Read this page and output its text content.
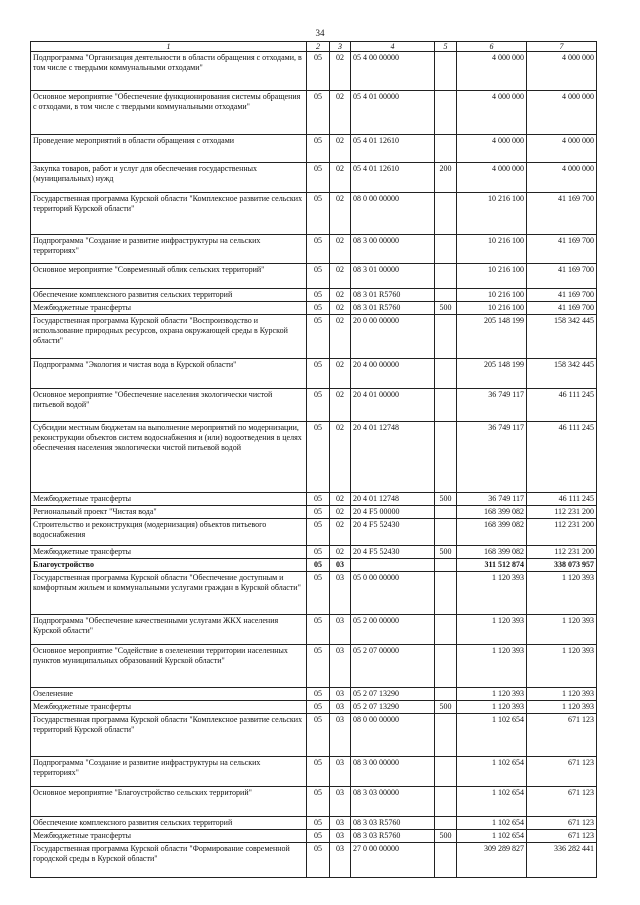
34
1	2	3	4	5	6	7
Подпрограмма "Организация деятельности в области обращения с отходами, в том числе с твердыми коммунальными отходами"	05	02	05 4 00 00000		4 000 000	4 000 000
Основное мероприятие "Обеспечение функционирования системы обращения с отходами, в том числе с твердыми коммунальными отходами"	05	02	05 4 01 00000		4 000 000	4 000 000
Проведение мероприятий в области обращения с отходами	05	02	05 4 01 12610		4 000 000	4 000 000
Закупка товаров, работ и услуг для обеспечения государственных (муниципальных) нужд	05	02	05 4 01 12610	200	4 000 000	4 000 000
Государственная программа Курской области "Комплексное развитие сельских территорий Курской области"	05	02	08 0 00 00000		10 216 100	41 169 700
Подпрограмма "Создание и развитие инфраструктуры на сельских территориях"	05	02	08 3 00 00000		10 216 100	41 169 700
Основное мероприятие "Современный облик сельских территорий"	05	02	08 3 01 00000		10 216 100	41 169 700
Обеспечение комплексного развития сельских территорий	05	02	08 3 01 R5760		10 216 100	41 169 700
Межбюджетные трансферты	05	02	08 3 01 R5760	500	10 216 100	41 169 700
Государственная программа Курской области "Воспроизводство и использование природных ресурсов, охрана окружающей среды в Курской области"	05	02	20 0 00 00000		205 148 199	158 342 445
Подпрограмма "Экология и чистая вода в Курской области"	05	02	20 4 00 00000		205 148 199	158 342 445
Основное мероприятие "Обеспечение населения экологически чистой питьевой водой"	05	02	20 4 01 00000		36 749 117	46 111 245
Субсидии местным бюджетам на выполнение мероприятий по модернизации, реконструкции объектов систем водоснабжения и (или) водоотведения в целях обеспечения населения экологически чистой питьевой водой	05	02	20 4 01 12748		36 749 117	46 111 245
Межбюджетные трансферты	05	02	20 4 01 12748	500	36 749 117	46 111 245
Региональный проект "Чистая вода"	05	02	20 4 F5 00000		168 399 082	112 231 200
Строительство и реконструкция (модернизация) объектов питьевого водоснабжения	05	02	20 4 F5 52430		168 399 082	112 231 200
Межбюджетные трансферты	05	02	20 4 F5 52430	500	168 399 082	112 231 200
Благоустройство	05	03			311 512 874	338 073 957
Государственная программа Курской области "Обеспечение доступным и комфортным жильем и коммунальными услугами граждан в Курской области"	05	03	05 0 00 00000		1 120 393	1 120 393
Подпрограмма "Обеспечение качественными услугами ЖКХ населения Курской области"	05	03	05 2 00 00000		1 120 393	1 120 393
Основное мероприятие "Содействие в озеленении территории населенных пунктов муниципальных образований Курской области"	05	03	05 2 07 00000		1 120 393	1 120 393
Озеленение	05	03	05 2 07 13290		1 120 393	1 120 393
Межбюджетные трансферты	05	03	05 2 07 13290	500	1 120 393	1 120 393
Государственная программа Курской области "Комплексное развитие сельских территорий Курской области"	05	03	08 0 00 00000		1 102 654	671 123
Подпрограмма "Создание и развитие инфраструктуры на сельских территориях"	05	03	08 3 00 00000		1 102 654	671 123
Основное мероприятие "Благоустройство сельских территорий"	05	03	08 3 03 00000		1 102 654	671 123
Обеспечение комплексного развития сельских территорий	05	03	08 3 03 R5760		1 102 654	671 123
Межбюджетные трансферты	05	03	08 3 03 R5760	500	1 102 654	671 123
Государственная программа Курской области "Формирование современной городской среды в Курской области"	05	03	27 0 00 00000		309 289 827	336 282 441
